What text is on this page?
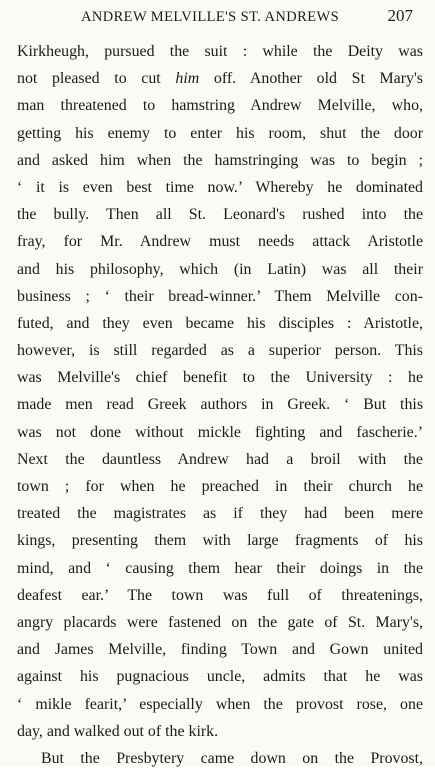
ANDREW MELVILLE'S ST. ANDREWS	207
Kirkheugh, pursued the suit : while the Deity was
not pleased to cut him off. Another old St Mary's
man threatened to hamstring Andrew Melville, who,
getting his enemy to enter his room, shut the door
and asked him when the hamstringing was to begin ;
‘ it is even best time now.’ Whereby he dominated
the bully. Then all St. Leonard's rushed into the
fray, for Mr. Andrew must needs attack Aristotle
and his philosophy, which (in Latin) was all their
business ; ‘ their bread-winner.’ Them Melville con-
futed, and they even became his disciples : Aristotle,
however, is still regarded as a superior person. This
was Melville's chief benefit to the University : he
made men read Greek authors in Greek. ‘ But this
was not done without mickle fighting and fascherie.’
Next the dauntless Andrew had a broil with the
town ; for when he preached in their church he
treated the magistrates as if they had been mere
kings, presenting them with large fragments of his
mind, and ‘ causing them hear their doings in the
deafest ear.’ The town was full of threatenings,
angry placards were fastened on the gate of St. Mary's,
and James Melville, finding Town and Gown united
against his pugnacious uncle, admits that he was
‘ mikle fearit,’ especially when the provost rose, one
day, and walked out of the kirk.
But the Presbytery came down on the Provost,
